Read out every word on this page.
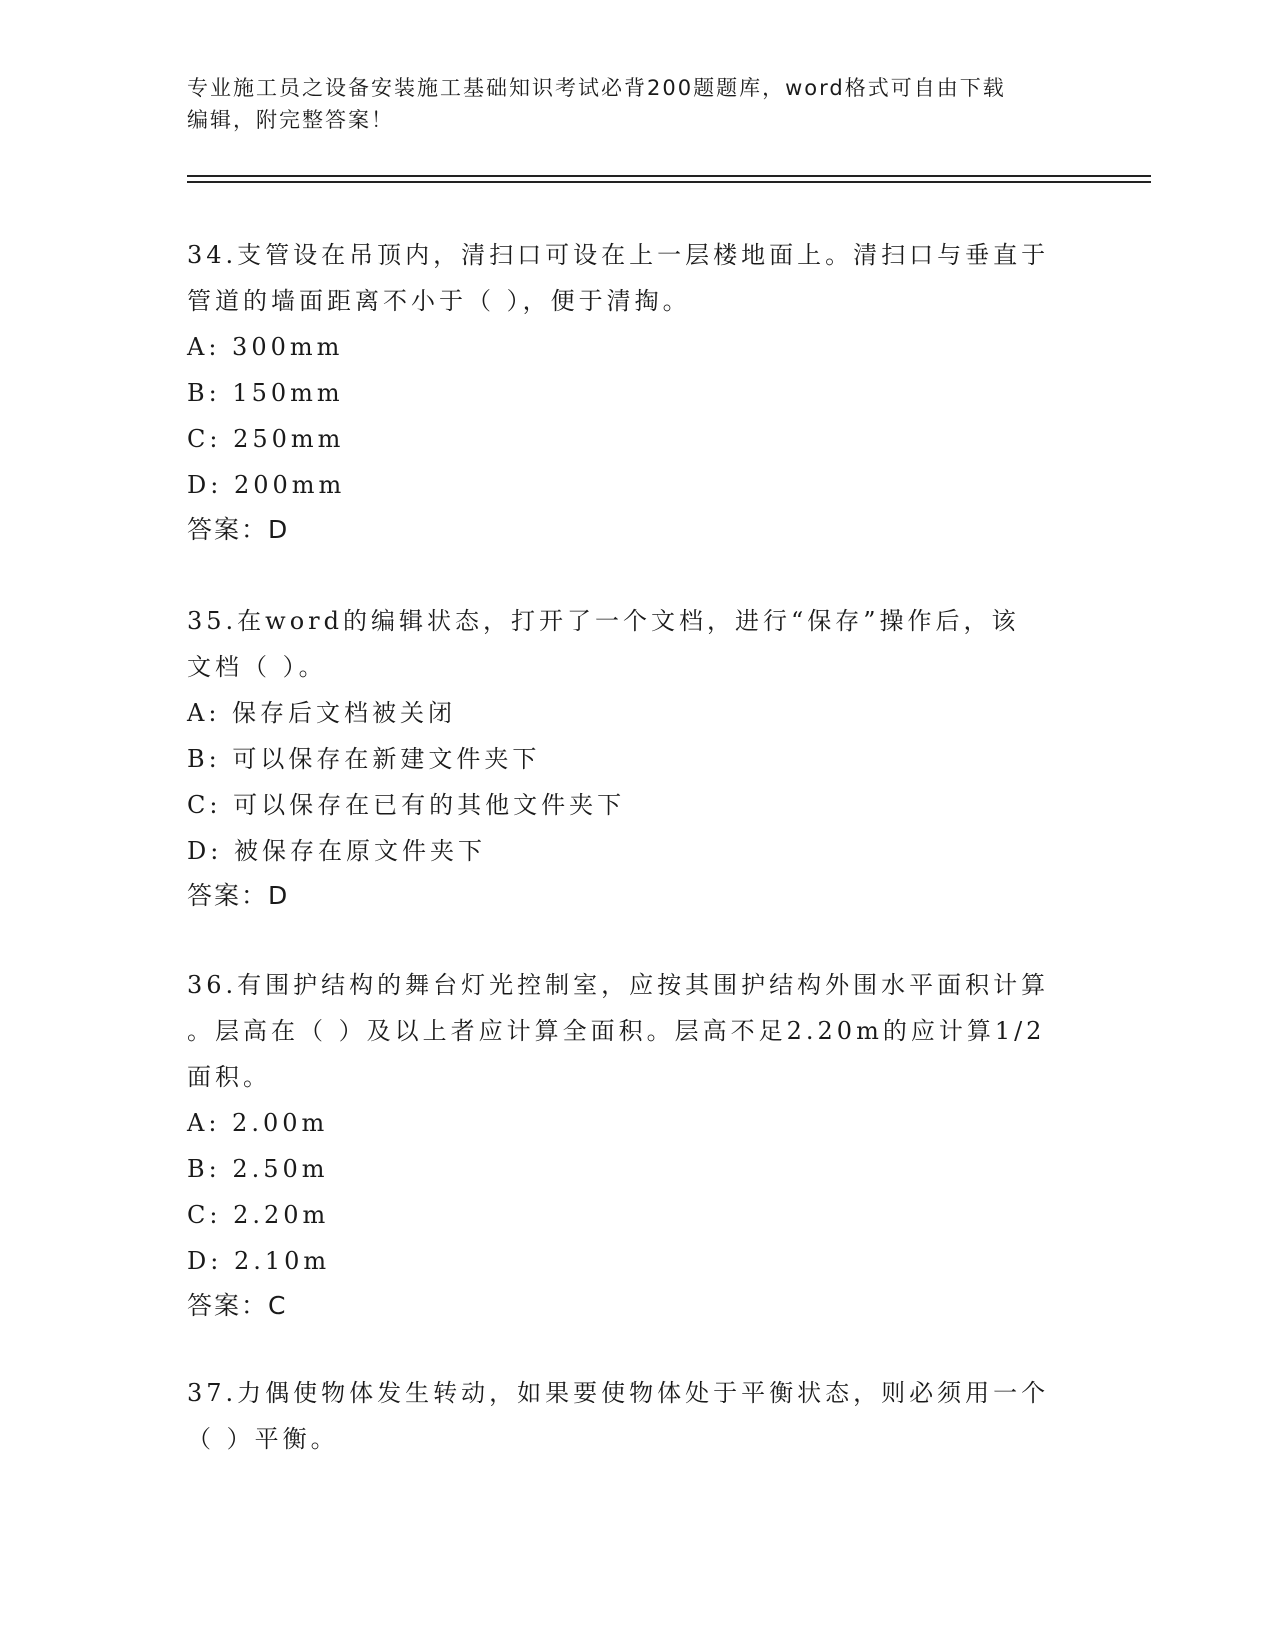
专业施工员之设备安装施工基础知识考试必背200题题库，word格式可自由下载
编辑，附完整答案！

34.支管设在吊顶内，清扫口可设在上一层楼地面上。清扫口与垂直于

管道的墙面距离不小于（ ），便于清掏。

A: 300mm

B: 150mm

C: 250mm

D: 200mm

答案：D

35.在word的编辑状态，打开了一个文档，进行“保存”操作后，该

文档（ ）。

A: 保存后文档被关闭

B: 可以保存在新建文件夹下

C: 可以保存在已有的其他文件夹下

D: 被保存在原文件夹下

答案：D

36.有围护结构的舞台灯光控制室，应按其围护结构外围水平面积计算

。层高在（ ）及以上者应计算全面积。层高不足2.20m的应计算1/2

面积。

A: 2.00m

B: 2.50m

C: 2.20m

D: 2.10m

答案：C

37.力偶使物体发生转动，如果要使物体处于平衡状态，则必须用一个

（ ）平衡。
